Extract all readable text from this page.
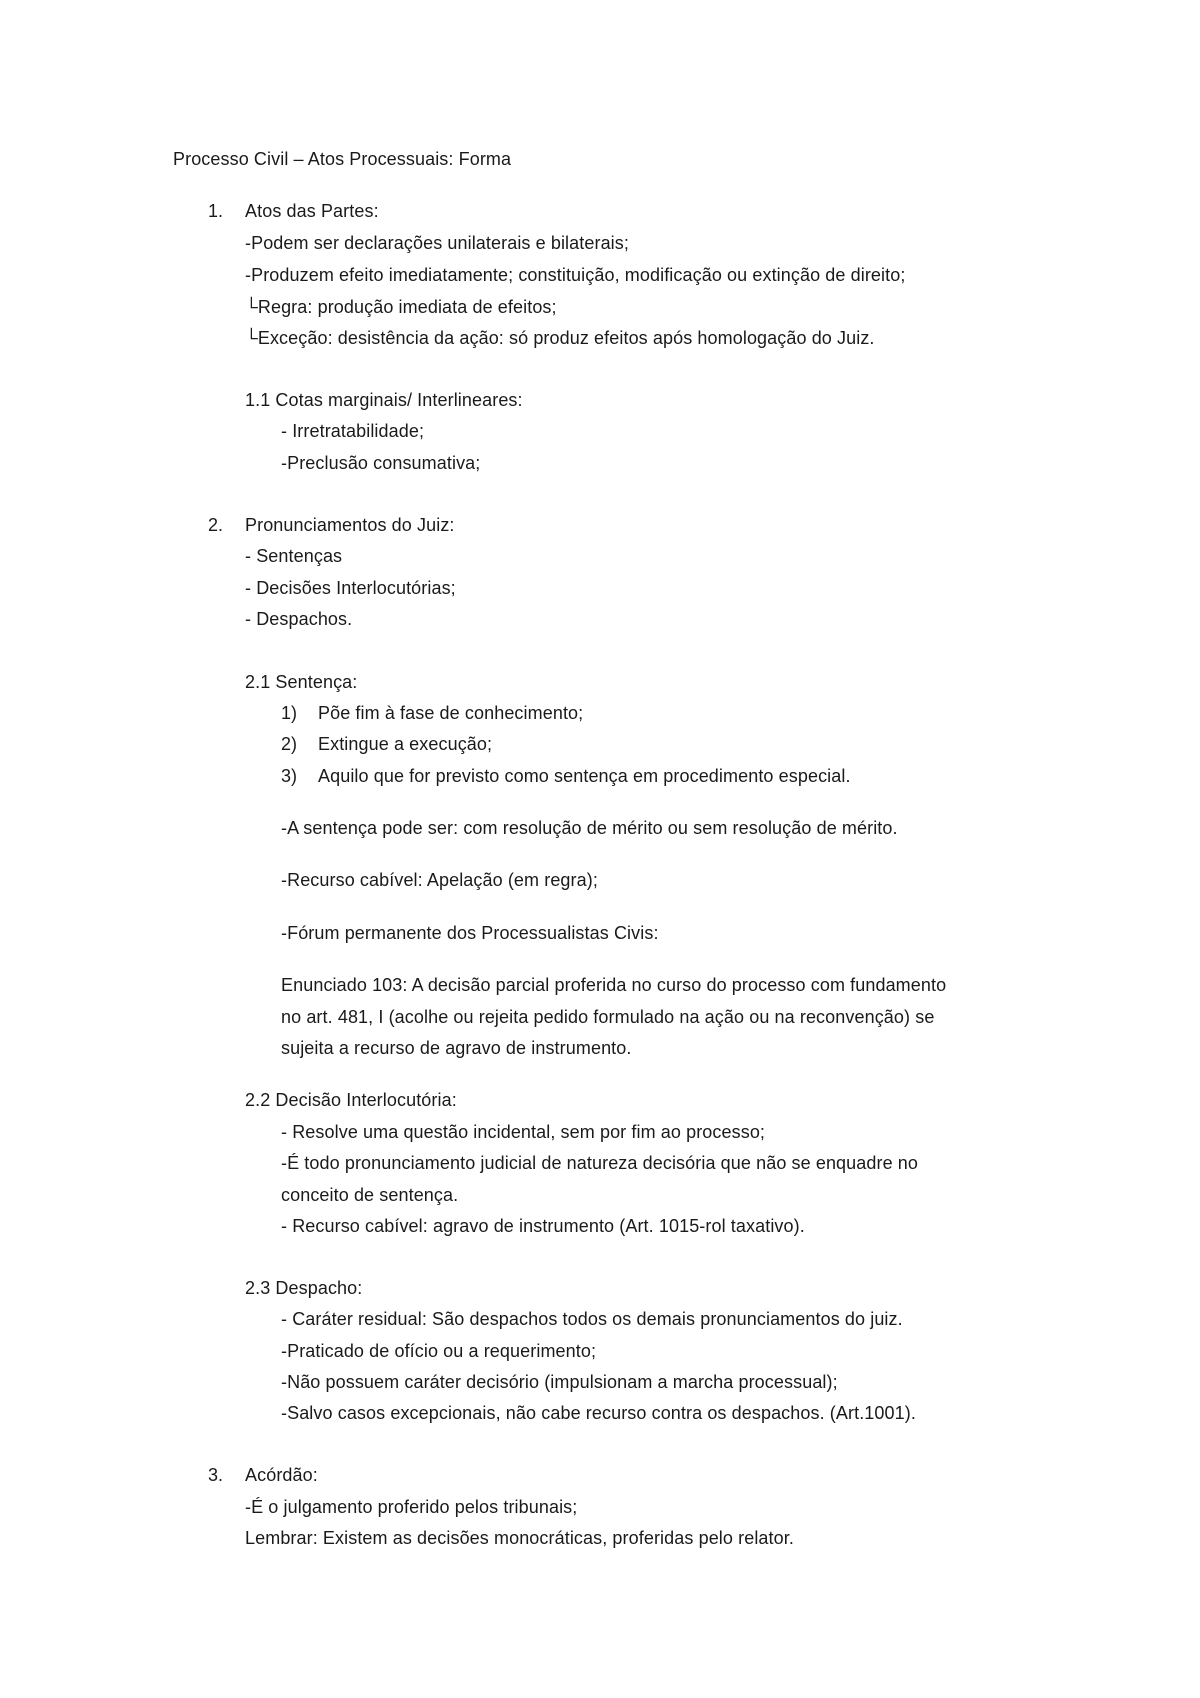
Processo Civil – Atos Processuais: Forma
1. Atos das Partes:
-Podem ser declarações unilaterais e bilaterais;
-Produzem efeito imediatamente; constituição, modificação ou extinção de direito;
└Regra: produção imediata de efeitos;
└Exceção: desistência da ação: só produz efeitos após homologação do Juiz.
1.1 Cotas marginais/ Interlineares:
- Irretratabilidade;
-Preclusão consumativa;
2. Pronunciamentos do Juiz:
- Sentenças
- Decisões Interlocutórias;
- Despachos.
2.1 Sentença:
1) Põe fim à fase de conhecimento;
2) Extingue a execução;
3) Aquilo que for previsto como sentença em procedimento especial.
-A sentença pode ser: com resolução de mérito ou sem resolução de mérito.
-Recurso cabível: Apelação (em regra);
-Fórum permanente dos Processualistas Civis:
Enunciado 103: A decisão parcial proferida no curso do processo com fundamento
no art. 481, I (acolhe ou rejeita pedido formulado na ação ou na reconvenção) se
sujeita a recurso de agravo de instrumento.
2.2 Decisão Interlocutória:
- Resolve uma questão incidental, sem por fim ao processo;
-É todo pronunciamento judicial de natureza decisória que não se enquadre no
conceito de sentença.
- Recurso cabível: agravo de instrumento (Art. 1015-rol taxativo).
2.3 Despacho:
- Caráter residual: São despachos todos os demais pronunciamentos do juiz.
-Praticado de ofício ou a requerimento;
-Não possuem caráter decisório (impulsionam a marcha processual);
-Salvo casos excepcionais, não cabe recurso contra os despachos. (Art.1001).
3. Acórdão:
-É o julgamento proferido pelos tribunais;
Lembrar: Existem as decisões monocráticas, proferidas pelo relator.
